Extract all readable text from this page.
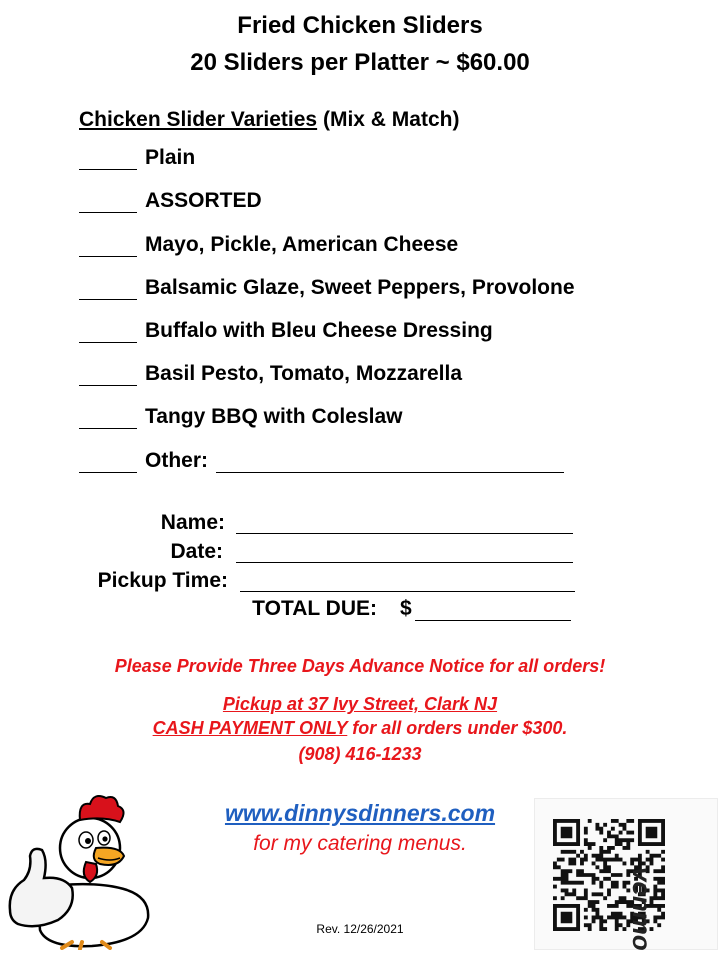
Fried Chicken Sliders
20 Sliders per Platter ~ $60.00
Chicken Slider Varieties (Mix & Match)
Plain
ASSORTED
Mayo, Pickle, American Cheese
Balsamic Glaze, Sweet Peppers, Provolone
Buffalo with Bleu Cheese Dressing
Basil Pesto, Tomato, Mozzarella
Tangy BBQ with Coleslaw
Other:
Name:
Date:
Pickup Time:
TOTAL DUE: $
Please Provide Three Days Advance Notice for all orders!
Pickup at 37 Ivy Street, Clark NJ
CASH PAYMENT ONLY for all orders under $300.
(908) 416-1233
www.dinnysdinners.com
for my catering menus.
Rev. 12/26/2021	venmo
